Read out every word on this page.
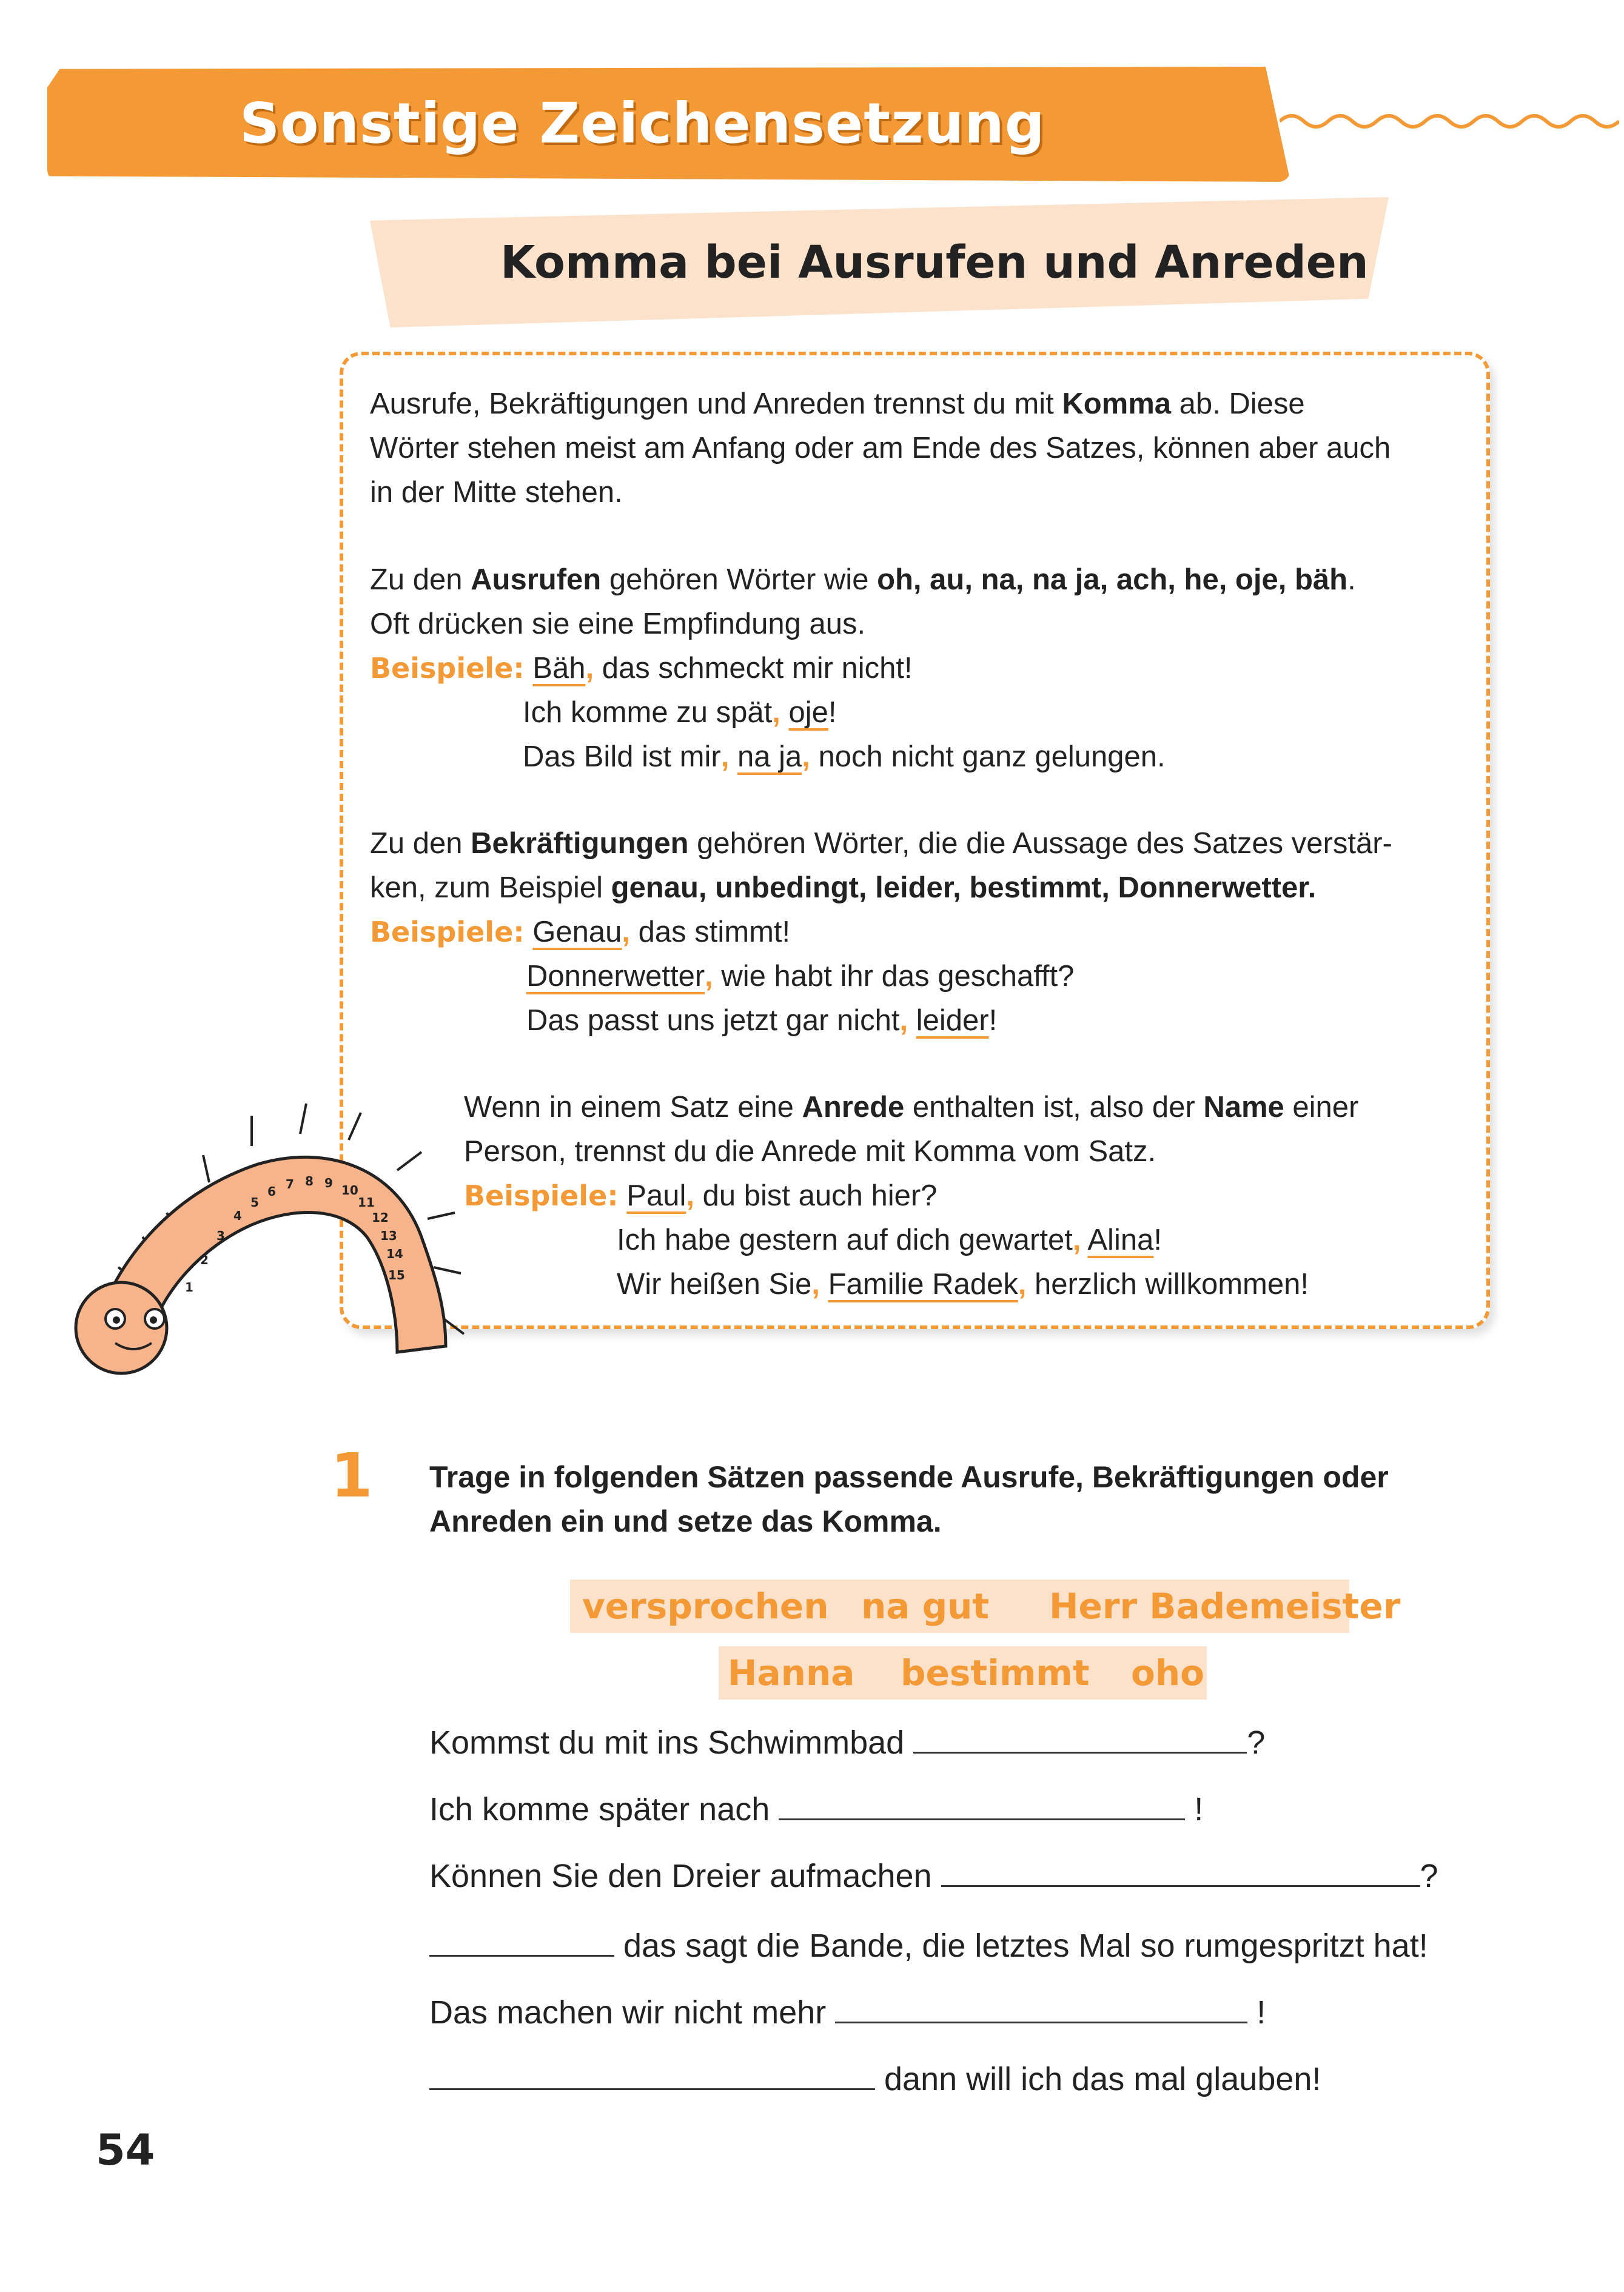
Sonstige Zeichensetzung
Komma bei Ausrufen und Anreden
Ausrufe, Bekräftigungen und Anreden trennst du mit Komma ab. Diese
Wörter stehen meist am Anfang oder am Ende des Satzes, können aber auch
in der Mitte stehen.
Zu den Ausrufen gehören Wörter wie oh, au, na, na ja, ach, he, oje, bäh.
Oft drücken sie eine Empfindung aus.
Beispiele: Bäh, das schmeckt mir nicht!
Ich komme zu spät, oje!
Das Bild ist mir, na ja, noch nicht ganz gelungen.
Zu den Bekräftigungen gehören Wörter, die die Aussage des Satzes verstär-
ken, zum Beispiel genau, unbedingt, leider, bestimmt, Donnerwetter.
Beispiele: Genau, das stimmt!
Donnerwetter, wie habt ihr das geschafft?
Das passt uns jetzt gar nicht, leider!
Wenn in einem Satz eine Anrede enthalten ist, also der Name einer
Person, trennst du die Anrede mit Komma vom Satz.
Beispiele: Paul, du bist auch hier?
Ich habe gestern auf dich gewartet, Alina!
Wir heißen Sie, Familie Radek, herzlich willkommen!
1
2
3
4
5
6 7 8 9 10
11
12
13
14
15
1 Trage in folgenden Sätzen passende Ausrufe, Bekräftigungen oder
Anreden ein und setze das Komma.
versprochen na gut Herr Bademeister
Hanna bestimmt oho
Kommst du mit ins Schwimmbad	?
Ich komme später nach	!
Können Sie den Dreier aufmachen	?
das sagt die Bande, die letztes Mal so rumgespritzt hat!
Das machen wir nicht mehr	!
dann will ich das mal glauben!
54
